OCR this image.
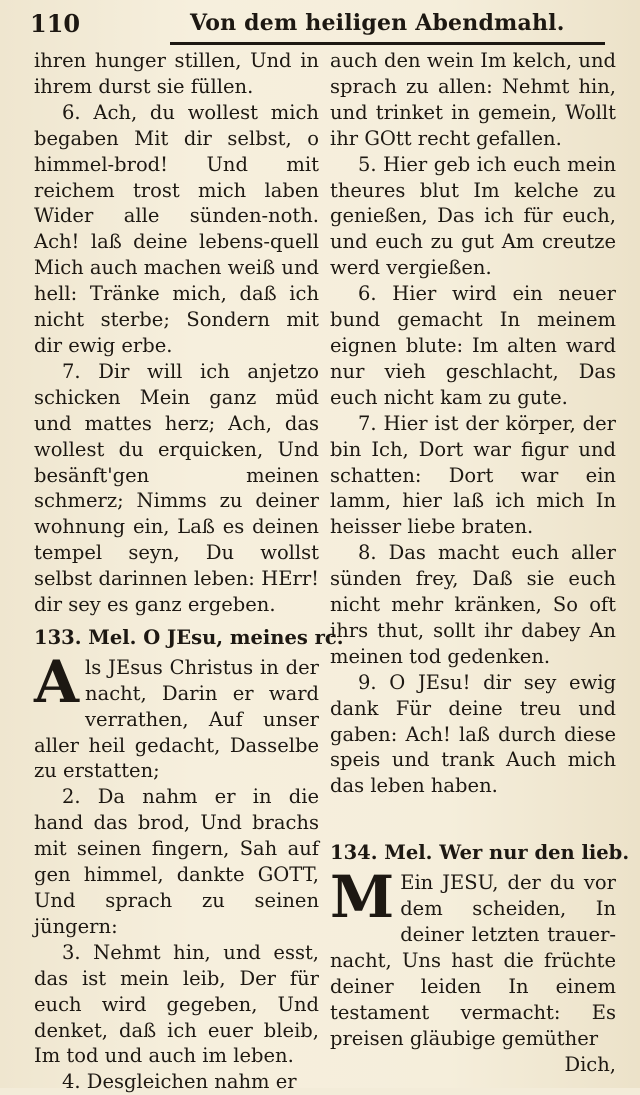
110	Von dem heiligen Abendmahl.

ihren hunger stillen, Und in ihrem durst sie füllen.

6. Ach, du wollest mich begaben Mit dir selbst, o himmel-brod! Und mit reichem trost mich laben Wider alle sünden-noth. Ach! laß deine lebens-quell Mich auch machen weiß und hell: Tränke mich, daß ich nicht sterbe; Sondern mit dir ewig erbe.

7. Dir will ich anjetzo schicken Mein ganz müd und mattes herz; Ach, das wollest du erquicken, Und besänft'gen meinen schmerz; Nimms zu deiner wohnung ein, Laß es deinen tempel seyn, Du wollst selbst darinnen leben: HErr! dir sey es ganz ergeben.

133. Mel. O JEsu, meines rc.

Als JEsus Christus in der nacht, Darin er ward verrathen, Auf unser aller heil gedacht, Dasselbe zu erstatten;

2. Da nahm er in die hand das brod, Und brachs mit seinen fingern, Sah auf gen himmel, dankte GOTT, Und sprach zu seinen jüngern:

3. Nehmt hin, und esst, das ist mein leib, Der für euch wird gegeben, Und denket, daß ich euer bleib, Im tod und auch im leben.

4. Desgleichen nahm er

auch den wein Im kelch, und sprach zu allen: Nehmt hin, und trinket in gemein, Wollt ihr GOtt recht gefallen.

5. Hier geb ich euch mein theures blut Im kelche zu genießen, Das ich für euch, und euch zu gut Am creutze werd vergießen.

6. Hier wird ein neuer bund gemacht In meinem eignen blute: Im alten ward nur vieh geschlacht, Das euch nicht kam zu gute.

7. Hier ist der körper, der bin Ich, Dort war figur und schatten: Dort war ein lamm, hier laß ich mich In heisser liebe braten.

8. Das macht euch aller sünden frey, Daß sie euch nicht mehr kränken, So oft ihrs thut, sollt ihr dabey An meinen tod gedenken.

9. O JEsu! dir sey ewig dank Für deine treu und gaben: Ach! laß durch diese speis und trank Auch mich das leben haben.

134. Mel. Wer nur den lieb.

M Ein JESU, der du vor dem scheiden, In deiner letzten trauer-nacht, Uns hast die früchte deiner leiden In einem testament vermacht: Es preisen gläubige gemüther

Dich,
